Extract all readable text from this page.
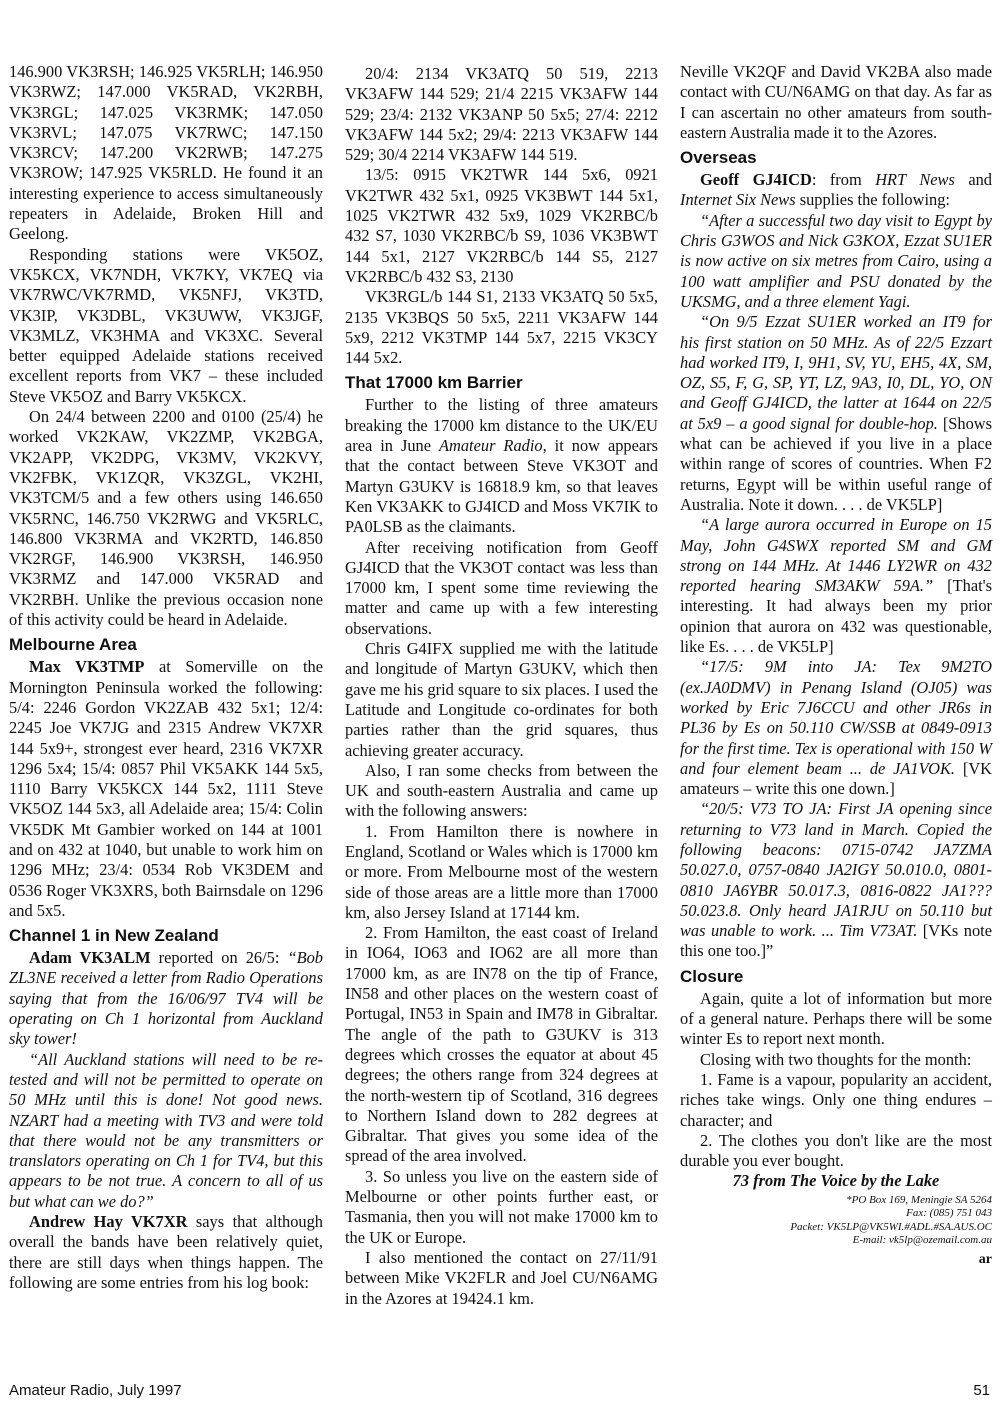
146.900 VK3RSH; 146.925 VK5RLH; 146.950 VK3RWZ; 147.000 VK5RAD, VK2RBH, VK3RGL; 147.025 VK3RMK; 147.050 VK3RVL; 147.075 VK7RWC; 147.150 VK3RCV; 147.200 VK2RWB; 147.275 VK3ROW; 147.925 VK5RLD. He found it an interesting experience to access simultaneously repeaters in Adelaide, Broken Hill and Geelong.

Responding stations were VK5OZ, VK5KCX, VK7NDH, VK7KY, VK7EQ via VK7RWC/VK7RMD, VK5NFJ, VK3TD, VK3IP, VK3DBL, VK3UWW, VK3JGF, VK3MLZ, VK3HMA and VK3XC. Several better equipped Adelaide stations received excellent reports from VK7 – these included Steve VK5OZ and Barry VK5KCX.

On 24/4 between 2200 and 0100 (25/4) he worked VK2KAW, VK2ZMP, VK2BGA, VK2APP, VK2DPG, VK3MV, VK2KVY, VK2FBK, VK1ZQR, VK3ZGL, VK2HI, VK3TCM/5 and a few others using 146.650 VK5RNC, 146.750 VK2RWG and VK5RLC, 146.800 VK3RMA and VK2RTD, 146.850 VK2RGF, 146.900 VK3RSH, 146.950 VK3RMZ and 147.000 VK5RAD and VK2RBH. Unlike the previous occasion none of this activity could be heard in Adelaide.

Melbourne Area

Max VK3TMP at Somerville on the Mornington Peninsula worked the following: 5/4: 2246 Gordon VK2ZAB 432 5x1; 12/4: 2245 Joe VK7JG and 2315 Andrew VK7XR 144 5x9+, strongest ever heard, 2316 VK7XR 1296 5x4; 15/4: 0857 Phil VK5AKK 144 5x5, 1110 Barry VK5KCX 144 5x2, 1111 Steve VK5OZ 144 5x3, all Adelaide area; 15/4: Colin VK5DK Mt Gambier worked on 144 at 1001 and on 432 at 1040, but unable to work him on 1296 MHz; 23/4: 0534 Rob VK3DEM and 0536 Roger VK3XRS, both Bairnsdale on 1296 and 5x5.

Channel 1 in New Zealand

Adam VK3ALM reported on 26/5: “Bob ZL3NE received a letter from Radio Operations saying that from the 16/06/97 TV4 will be operating on Ch 1 horizontal from Auckland sky tower!

“All Auckland stations will need to be re-tested and will not be permitted to operate on 50 MHz until this is done! Not good news. NZART had a meeting with TV3 and were told that there would not be any transmitters or translators operating on Ch 1 for TV4, but this appears to be not true. A concern to all of us but what can we do?”

Andrew Hay VK7XR says that although overall the bands have been relatively quiet, there are still days when things happen. The following are some entries from his log book:

20/4: 2134 VK3ATQ 50 519, 2213 VK3AFW 144 529; 21/4 2215 VK3AFW 144 529; 23/4: 2132 VK3ANP 50 5x5; 27/4: 2212 VK3AFW 144 5x2; 29/4: 2213 VK3AFW 144 529; 30/4 2214 VK3AFW 144 519.

13/5: 0915 VK2TWR 144 5x6, 0921 VK2TWR 432 5x1, 0925 VK3BWT 144 5x1, 1025 VK2TWR 432 5x9, 1029 VK2RBC/b 432 S7, 1030 VK2RBC/b S9, 1036 VK3BWT 144 5x1, 2127 VK2RBC/b 144 S5, 2127 VK2RBC/b 432 S3, 2130

VK3RGL/b 144 S1, 2133 VK3ATQ 50 5x5, 2135 VK3BQS 50 5x5, 2211 VK3AFW 144 5x9, 2212 VK3TMP 144 5x7, 2215 VK3CY 144 5x2.

That 17000 km Barrier

Further to the listing of three amateurs breaking the 17000 km distance to the UK/EU area in June Amateur Radio, it now appears that the contact between Steve VK3OT and Martyn G3UKV is 16818.9 km, so that leaves Ken VK3AKK to GJ4ICD and Moss VK7IK to PA0LSB as the claimants.

After receiving notification from Geoff GJ4ICD that the VK3OT contact was less than 17000 km, I spent some time reviewing the matter and came up with a few interesting observations.

Chris G4IFX supplied me with the latitude and longitude of Martyn G3UKV, which then gave me his grid square to six places. I used the Latitude and Longitude co-ordinates for both parties rather than the grid squares, thus achieving greater accuracy.

Also, I ran some checks from between the UK and south-eastern Australia and came up with the following answers:

1. From Hamilton there is nowhere in England, Scotland or Wales which is 17000 km or more. From Melbourne most of the western side of those areas are a little more than 17000 km, also Jersey Island at 17144 km.

2. From Hamilton, the east coast of Ireland in IO64, IO63 and IO62 are all more than 17000 km, as are IN78 on the tip of France, IN58 and other places on the western coast of Portugal, IN53 in Spain and IM78 in Gibraltar. The angle of the path to G3UKV is 313 degrees which crosses the equator at about 45 degrees; the others range from 324 degrees at the north-western tip of Scotland, 316 degrees to Northern Island down to 282 degrees at Gibraltar. That gives you some idea of the spread of the area involved.

3. So unless you live on the eastern side of Melbourne or other points further east, or Tasmania, then you will not make 17000 km to the UK or Europe.

I also mentioned the contact on 27/11/91 between Mike VK2FLR and Joel CU/N6AMG in the Azores at 19424.1 km.

Neville VK2QF and David VK2BA also made contact with CU/N6AMG on that day. As far as I can ascertain no other amateurs from south-eastern Australia made it to the Azores.

Overseas

Geoff GJ4ICD: from HRT News and Internet Six News supplies the following:

“After a successful two day visit to Egypt by Chris G3WOS and Nick G3KOX, Ezzat SU1ER is now active on six metres from Cairo, using a 100 watt amplifier and PSU donated by the UKSMG, and a three element Yagi.

“On 9/5 Ezzat SU1ER worked an IT9 for his first station on 50 MHz. As of 22/5 Ezzart had worked IT9, I, 9H1, SV, YU, EH5, 4X, SM, OZ, S5, F, G, SP, YT, LZ, 9A3, I0, DL, YO, ON and Geoff GJ4ICD, the latter at 1644 on 22/5 at 5x9 – a good signal for double-hop. [Shows what can be achieved if you live in a place within range of scores of countries. When F2 returns, Egypt will be within useful range of Australia. Note it down. . . . de VK5LP]

“A large aurora occurred in Europe on 15 May, John G4SWX reported SM and GM strong on 144 MHz. At 1446 LY2WR on 432 reported hearing SM3AKW 59A.” [That's interesting. It had always been my prior opinion that aurora on 432 was questionable, like Es. . . . de VK5LP]

“17/5: 9M into JA: Tex 9M2TO (ex.JA0DMV) in Penang Island (OJ05) was worked by Eric 7J6CCU and other JR6s in PL36 by Es on 50.110 CW/SSB at 0849-0913 for the first time. Tex is operational with 150 W and four element beam ... de JA1VOK. [VK amateurs – write this one down.]

“20/5: V73 TO JA: First JA opening since returning to V73 land in March. Copied the following beacons: 0715-0742 JA7ZMA 50.027.0, 0757-0840 JA2IGY 50.010.0, 0801-0810 JA6YBR 50.017.3, 0816-0822 JA1??? 50.023.8. Only heard JA1RJU on 50.110 but was unable to work. ... Tim V73AT. [VKs note this one too.]”

Closure

Again, quite a lot of information but more of a general nature. Perhaps there will be some winter Es to report next month.

Closing with two thoughts for the month:

1. Fame is a vapour, popularity an accident, riches take wings. Only one thing endures – character; and

2. The clothes you don't like are the most durable you ever bought.

73 from The Voice by the Lake

*PO Box 169, Meningie SA 5264
Fax: (085) 751 043
Packet: VK5LP@VK5WI.#ADL.#SA.AUS.OC
E-mail: vk5lp@ozemail.com.au
ar
Amateur Radio, July 1997	51
